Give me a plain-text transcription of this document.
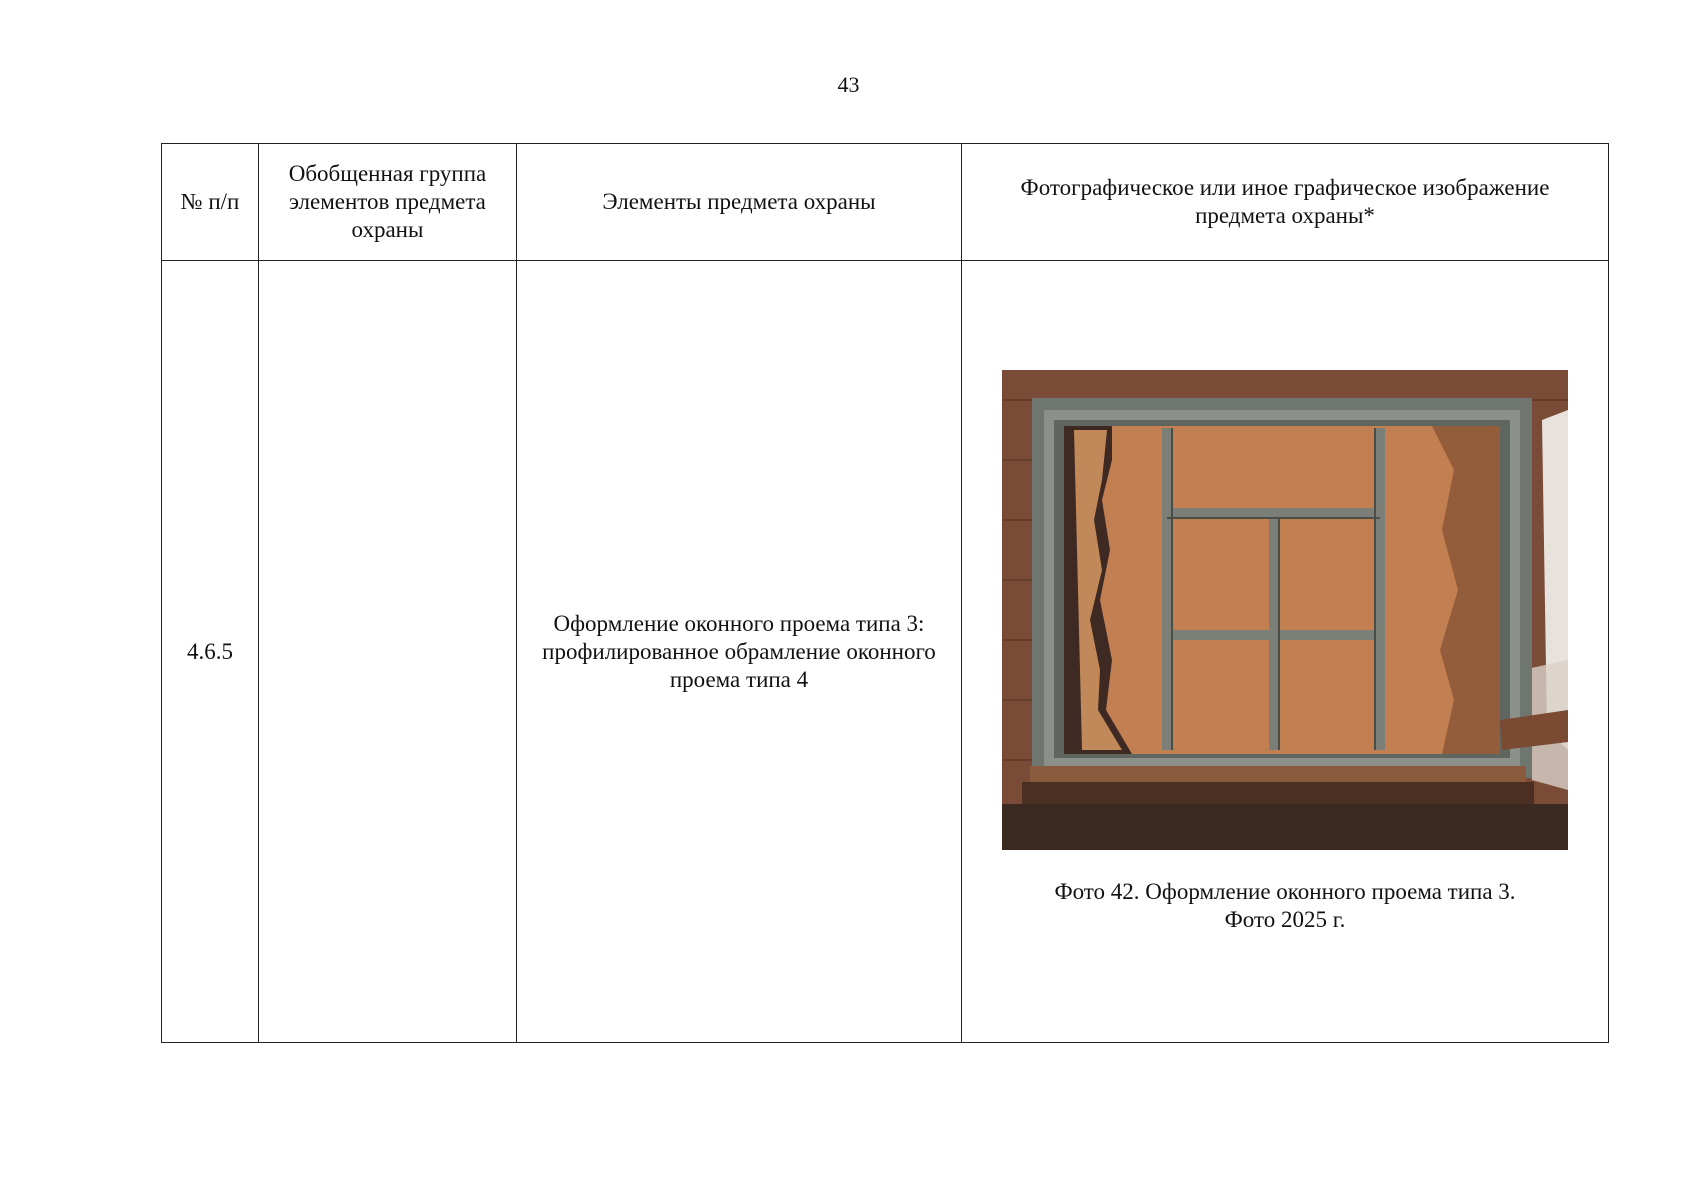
43
№ п/п	Обобщенная группа
элементов предмета
охраны	Элементы предмета охраны	Фотографическое или иное графическое изображение
предмета охраны*

4.6.5		Оформление оконного проема типа 3:
профилированное обрамление оконного
проема типа 4	Фото 42. Оформление оконного проема типа 3.
Фото 2025 г.
